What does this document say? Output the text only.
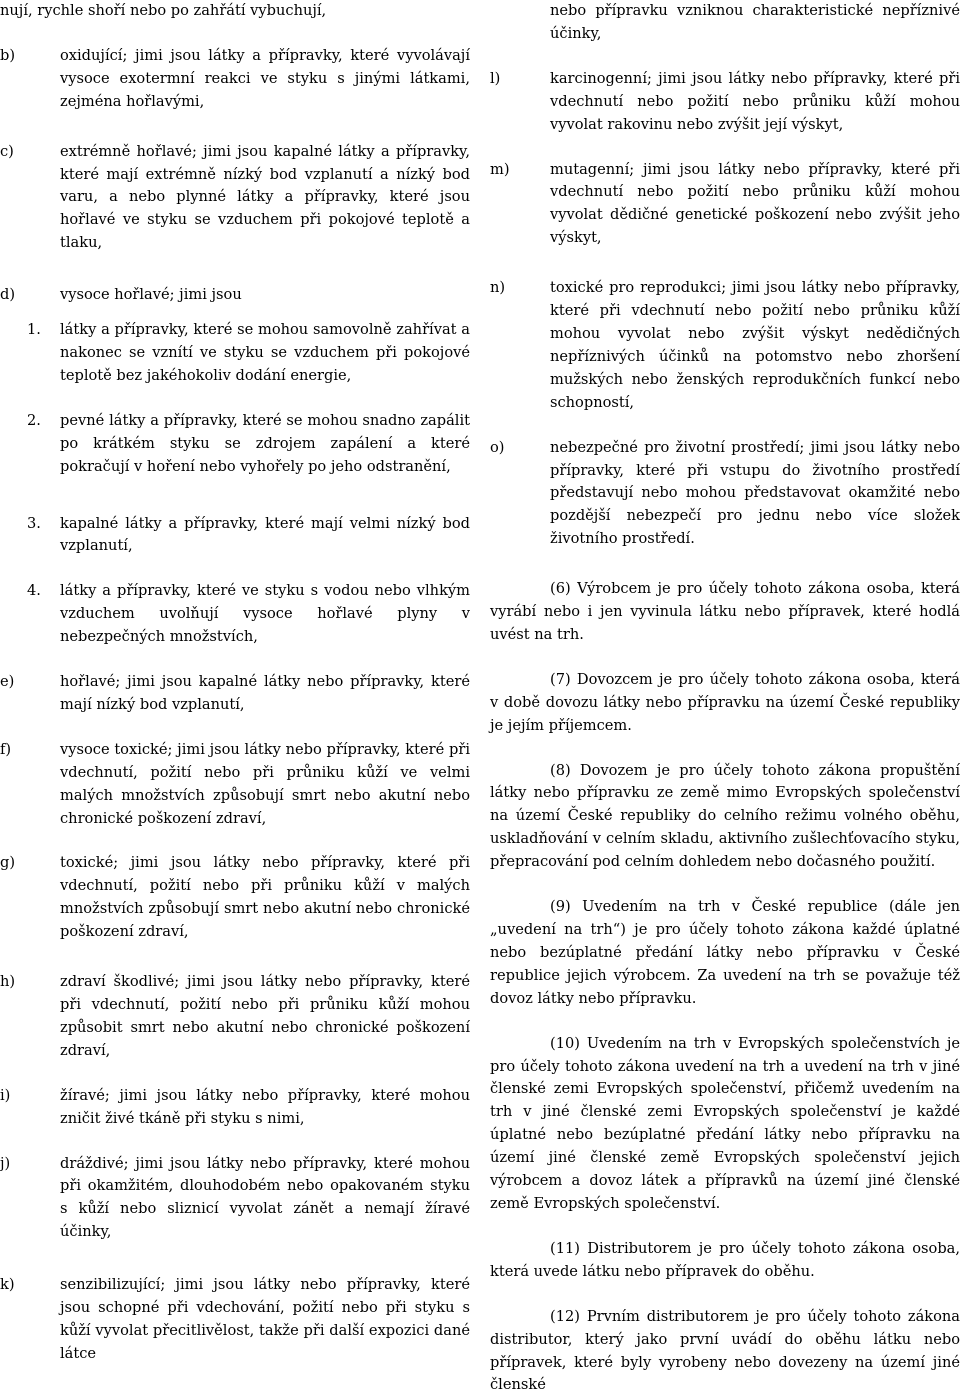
nují, rychle shoří nebo po zahřátí vybuchují,

b)	oxidující; jimi jsou látky a přípravky, které vyvolávají vysoce exotermní reakci ve styku s jinými látkami, zejména hořlavými,

c)	extrémně hořlavé; jimi jsou kapalné látky a přípravky, které mají extrémně nízký bod vzplanutí a nízký bod varu, a nebo plynné látky a přípravky, které jsou hořlavé ve styku se vzduchem při pokojové teplotě a tlaku,

d)	vysoce hořlavé; jimi jsou

1. látky a přípravky, které se mohou samovolně zahřívat a nakonec se vznítí ve styku se vzduchem při pokojové teplotě bez jakéhokoliv dodání energie,

2. pevné látky a přípravky, které se mohou snadno zapálit po krátkém styku se zdrojem zapálení a které pokračují v hoření nebo vyhořely po jeho odstranění,

3. kapalné látky a přípravky, které mají velmi nízký bod vzplanutí,

4. látky a přípravky, které ve styku s vodou nebo vlhkým vzduchem uvolňují vysoce hořlavé plyny v nebezpečných množstvích,

e)	hořlavé; jimi jsou kapalné látky nebo přípravky, které mají nízký bod vzplanutí,

f)	vysoce toxické; jimi jsou látky nebo přípravky, které při vdechnutí, požití nebo při průniku kůží ve velmi malých množstvích způsobují smrt nebo akutní nebo chronické poškození zdraví,

g)	toxické; jimi jsou látky nebo přípravky, které při vdechnutí, požití nebo při průniku kůží v malých množstvích způsobují smrt nebo akutní nebo chronické poškození zdraví,

h)	zdraví škodlivé; jimi jsou látky nebo přípravky, které při vdechnutí, požití nebo při průniku kůží mohou způsobit smrt nebo akutní nebo chronické poškození zdraví,

i)	žíravé; jimi jsou látky nebo přípravky, které mohou zničit živé tkáně při styku s nimi,

j)	dráždivé; jimi jsou látky nebo přípravky, které mohou při okamžitém, dlouhodobém nebo opakovaném styku s kůží nebo sliznicí vyvolat zánět a nemají žíravé účinky,

k)	senzibilizující; jimi jsou látky nebo přípravky, které jsou schopné při vdechování, požití nebo při styku s kůží vyvolat přecitlivělost, takže při další expozici dané látce

nebo přípravku vzniknou charakteristické nepříznivé účinky,

l)	karcinogenní; jimi jsou látky nebo přípravky, které při vdechnutí nebo požití nebo průniku kůží mohou vyvolat rakovinu nebo zvýšit její výskyt,

m)	mutagenní; jimi jsou látky nebo přípravky, které při vdechnutí nebo požití nebo průniku kůží mohou vyvolat dědičné genetické poškození nebo zvýšit jeho výskyt,

n)	toxické pro reprodukci; jimi jsou látky nebo přípravky, které při vdechnutí nebo požití nebo průniku kůží mohou vyvolat nebo zvýšit výskyt nedědičných nepříznivých účinků na potomstvo nebo zhoršení mužských nebo ženských reprodukčních funkcí nebo schopností,

o)	nebezpečné pro životní prostředí; jimi jsou látky nebo přípravky, které při vstupu do životního prostředí představují nebo mohou představovat okamžité nebo pozdější nebezpečí pro jednu nebo více složek životního prostředí.

(6) Výrobcem je pro účely tohoto zákona osoba, která vyrábí nebo i jen vyvinula látku nebo přípravek, které hodlá uvést na trh.

(7) Dovozcem je pro účely tohoto zákona osoba, která v době dovozu látky nebo přípravku na území České republiky je jejím příjemcem.

(8) Dovozem je pro účely tohoto zákona propuštění látky nebo přípravku ze země mimo Evropských společenství na území České republiky do celního režimu volného oběhu, uskladňování v celním skladu, aktivního zušlechťovacího styku, přepracování pod celním dohledem nebo dočasného použití.

(9) Uvedením na trh v České republice (dále jen „uvedení na trh“) je pro účely tohoto zákona každé úplatné nebo bezúplatné předání látky nebo přípravku v České republice jejich výrobcem. Za uvedení na trh se považuje též dovoz látky nebo přípravku.

(10) Uvedením na trh v Evropských společenstvích je pro účely tohoto zákona uvedení na trh a uvedení na trh v jiné členské zemi Evropských společenství, přičemž uvedením na trh v jiné členské zemi Evropských společenství je každé úplatné nebo bezúplatné předání látky nebo přípravku na území jiné členské země Evropských společenství jejich výrobcem a dovoz látek a přípravků na území jiné členské země Evropských společenství.

(11) Distributorem je pro účely tohoto zákona osoba, která uvede látku nebo přípravek do oběhu.

(12) Prvním distributorem je pro účely tohoto zákona distributor, který jako první uvádí do oběhu látku nebo přípravek, které byly vyrobeny nebo dovezeny na území jiné členské
